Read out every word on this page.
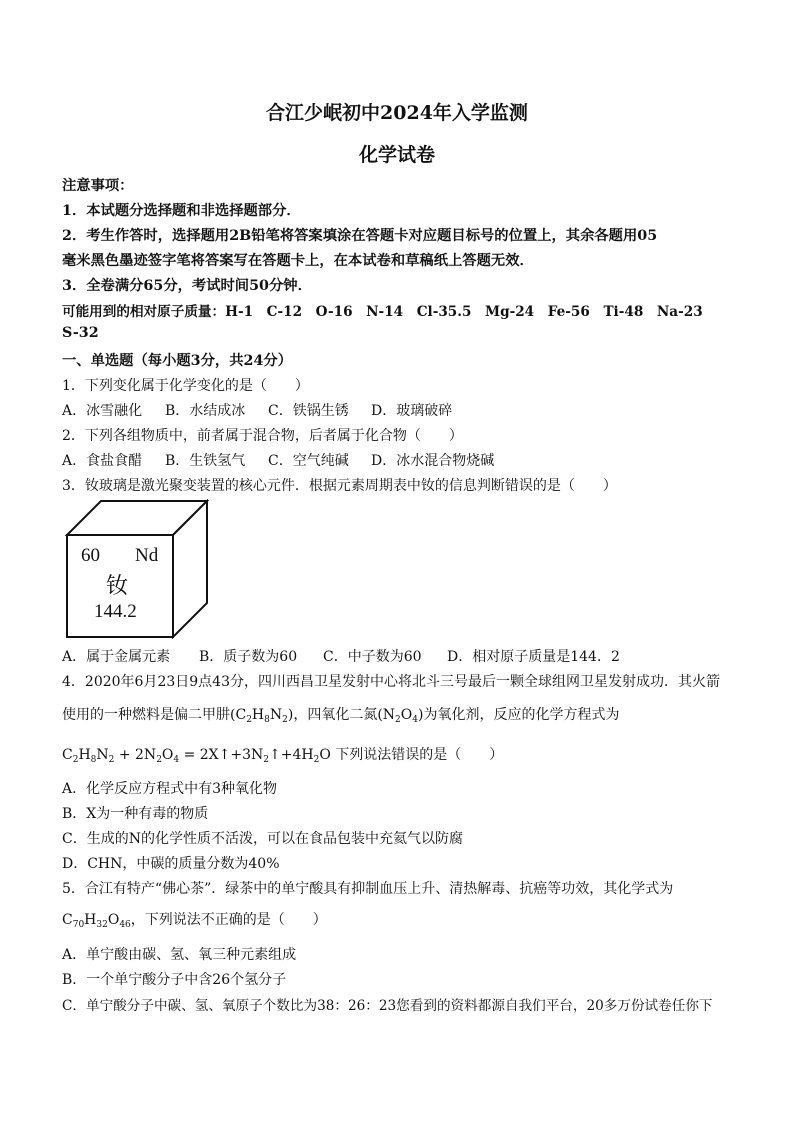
合江少岷初中2024年入学监测
化学试卷
注意事项：
1．本试题分选择题和非选择题部分．
2．考生作答时，选择题用2B铅笔将答案填涂在答题卡对应题目标号的位置上，其余各题用05
毫米黑色墨迹签字笔将答案写在答题卡上，在本试卷和草稿纸上答题无效．
3．全卷满分65分，考试时间50分钟．
可能用到的相对原子质量：H-1　C-12　O-16　N-14　Cl-35.5　Mg-24　Fe-56　Ti-48　Na-23
S-32
一、单选题（每小题3分，共24分）
1．下列变化属于化学变化的是（　　）
A．冰雪融化 B．水结成冰 C．铁锅生锈 D．玻璃破碎
2．下列各组物质中，前者属于混合物，后者属于化合物（　　）
A．食盐食醋 B．生铁氢气 C．空气纯碱 D．冰水混合物烧碱
3．钕玻璃是激光聚变装置的核心元件．根据元素周期表中钕的信息判断错误的是（　　）
60 Nd
钕
144.2
A．属于金属元素 B．质子数为60 C．中子数为60 D．相对原子质量是144．2
4．2020年6月23日9点43分，四川西昌卫星发射中心将北斗三号最后一颗全球组网卫星发射成功．其火箭
使用的一种燃料是偏二甲肼$(C_2H_8N_2)$，四氧化二氮$(N_2O_4)$为氧化剂，反应的化学方程式为
$C_2H_8N_2 + 2N_2O_4$ = $2X↑+3N_2↑+4H_2O$ 下列说法错误的是（　　）
A．化学反应方程式中有3种氧化物
B．X为一种有毒的物质
C．生成的N的化学性质不活泼，可以在食品包装中充氦气以防腐
D．CHN，中碳的质量分数为40%
5．合江有特产“佛心茶”．绿茶中的单宁酸具有抑制血压上升、清热解毒、抗癌等功效，其化学式为
$C_{70}H_{32}O_{46}$，下列说法不正确的是（　　）
A．单宁酸由碳、氢、氧三种元素组成
B．一个单宁酸分子中含26个氢分子
C．单宁酸分子中碳、氢、氧原子个数比为38：26：23您看到的资料都源自我们平台，20多万份试卷任你下
